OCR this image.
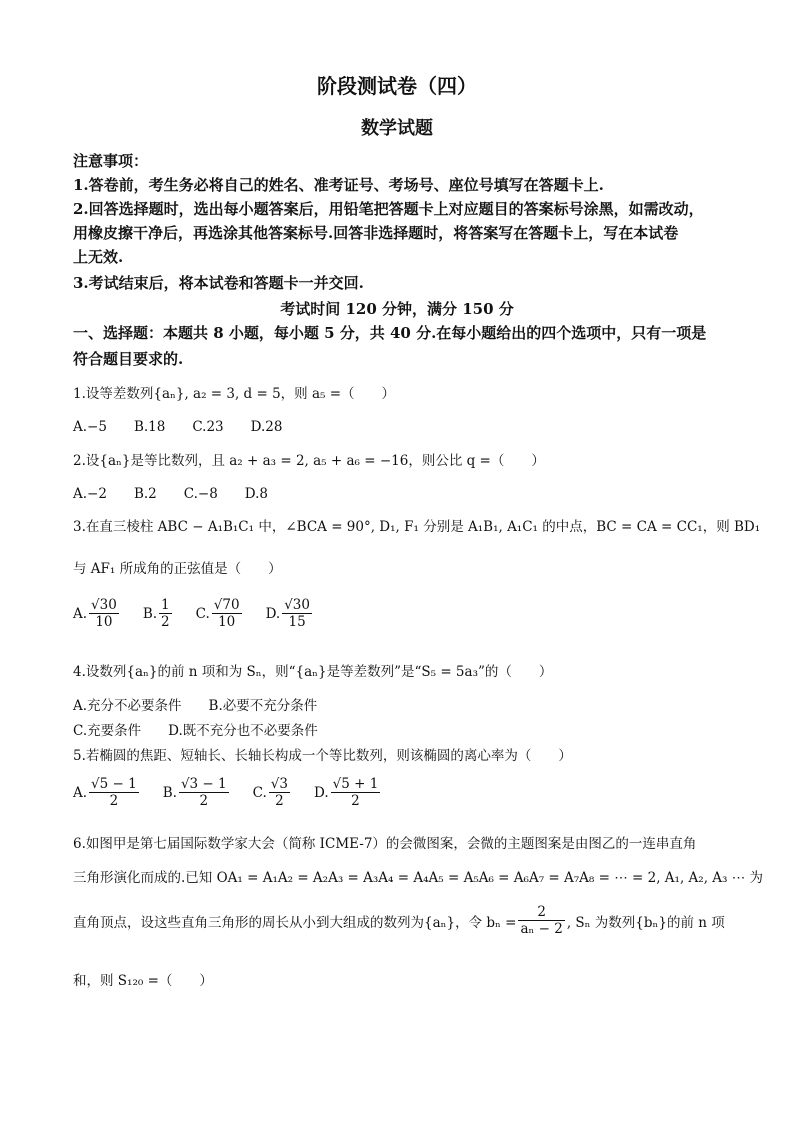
阶段测试卷（四）
数学试题
注意事项：
1.答卷前，考生务必将自己的姓名、准考证号、考场号、座位号填写在答题卡上.
2.回答选择题时，选出每小题答案后，用铅笔把答题卡上对应题目的答案标号涂黑，如需改动，
用橡皮擦干净后，再选涂其他答案标号.回答非选择题时，将答案写在答题卡上，写在本试卷
上无效.
3.考试结束后，将本试卷和答题卡一并交回.
考试时间 120 分钟，满分 150 分
一、选择题：本题共 8 小题，每小题 5 分，共 40 分.在每小题给出的四个选项中，只有一项是
符合题目要求的.
1.设等差数列{aₙ}, a₂ = 3, d = 5，则 a₅ =（　　）
A.−5　　B.18　　C.23　　D.28
2.设{aₙ}是等比数列，且 a₂ + a₃ = 2, a₅ + a₆ = −16，则公比 q =（　　）
A.−2　　B.2　　C.−8　　D.8
3.在直三棱柱 ABC − A₁B₁C₁ 中，∠BCA = 90°, D₁, F₁ 分别是 A₁B₁, A₁C₁ 的中点，BC = CA = CC₁，则 BD₁
与 AF₁ 所成角的正弦值是（　　）
A. $\frac{√30}{10} B$. $\frac{1}{2} C$. $\frac{√70}{10} D$. $\frac{√30}{15}$
4.设数列{aₙ}的前 n 项和为 Sₙ，则“{aₙ}是等差数列”是“S₅ = 5a₃”的（　　）
A.充分不必要条件　　B.必要不充分条件
C.充要条件　　D.既不充分也不必要条件
5.若椭圆的焦距、短轴长、长轴长构成一个等比数列，则该椭圆的离心率为（　　）
A. $\frac{√5 - 1}{2} B$. $\frac{√3 - 1}{2} C$. $\frac{√3}{2} D$. $\frac{√5 + 1}{2}$
6.如图甲是第七届国际数学家大会（简称 ICME-7）的会微图案，会微的主题图案是由图乙的一连串直角
三角形演化而成的.已知 OA₁ = A₁A₂ = A₂A₃ = A₃A₄ = A₄A₅ = A₅A₆ = A₆A₇ = A₇A₈ = ⋯ = 2, A₁, A₂, A₃ ⋯ 为
直角顶点，设这些直角三角形的周长从小到大组成的数列为{aₙ}，令 $b_n = \frac{2}{\text{aₙ − 2}}$ , Sₙ 为数列{bₙ}的前 n 项
和，则 S₁₂₀ =（　　）
